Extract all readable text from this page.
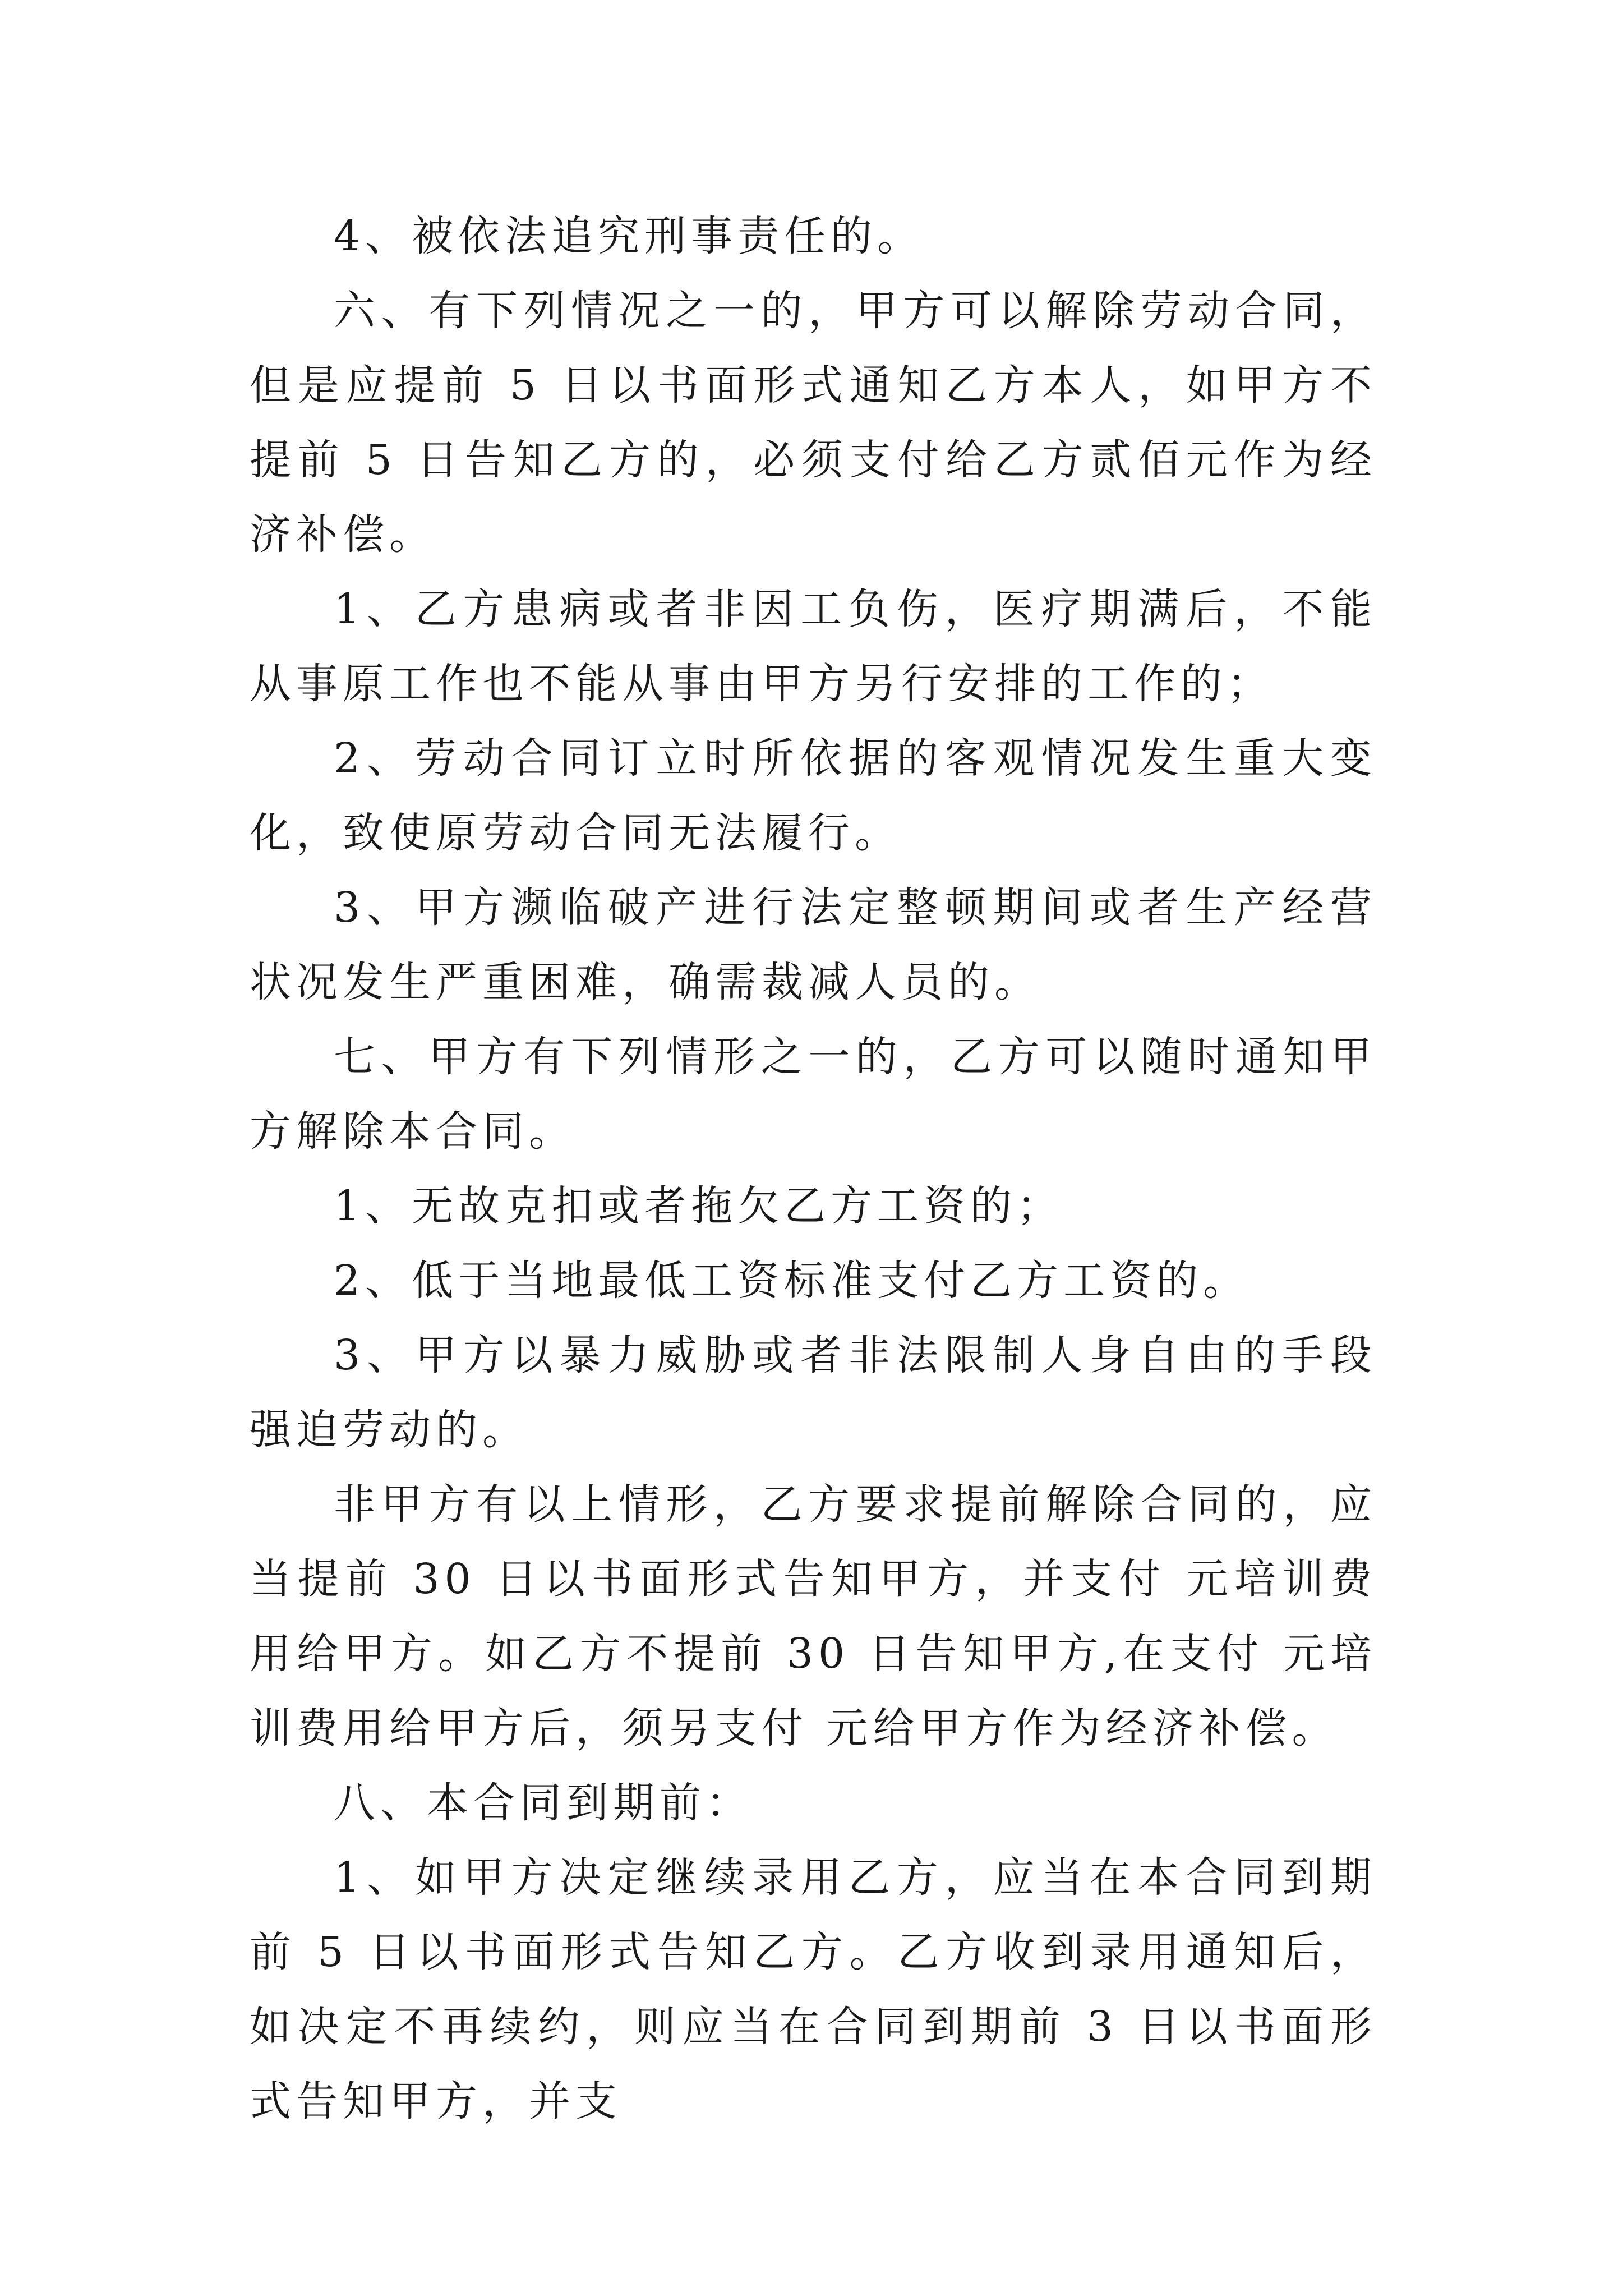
4、被依法追究刑事责任的。

六、有下列情况之一的，甲方可以解除劳动合同，但是应提前 5 日以书面形式通知乙方本人，如甲方不提前 5 日告知乙方的，必须支付给乙方贰佰元作为经济补偿。

1、乙方患病或者非因工负伤，医疗期满后，不能从事原工作也不能从事由甲方另行安排的工作的；

2、劳动合同订立时所依据的客观情况发生重大变化，致使原劳动合同无法履行。

3、甲方濒临破产进行法定整顿期间或者生产经营状况发生严重困难，确需裁减人员的。

七、甲方有下列情形之一的，乙方可以随时通知甲方解除本合同。

1、无故克扣或者拖欠乙方工资的；

2、低于当地最低工资标准支付乙方工资的。

3、甲方以暴力威胁或者非法限制人身自由的手段强迫劳动的。

非甲方有以上情形，乙方要求提前解除合同的，应当提前 30 日以书面形式告知甲方，并支付 元培训费用给甲方。如乙方不提前 30 日告知甲方,在支付 元培训费用给甲方后，须另支付 元给甲方作为经济补偿。

八、本合同到期前：

1、如甲方决定继续录用乙方，应当在本合同到期前 5 日以书面形式告知乙方。乙方收到录用通知后，如决定不再续约，则应当在合同到期前 3 日以书面形式告知甲方，并支
